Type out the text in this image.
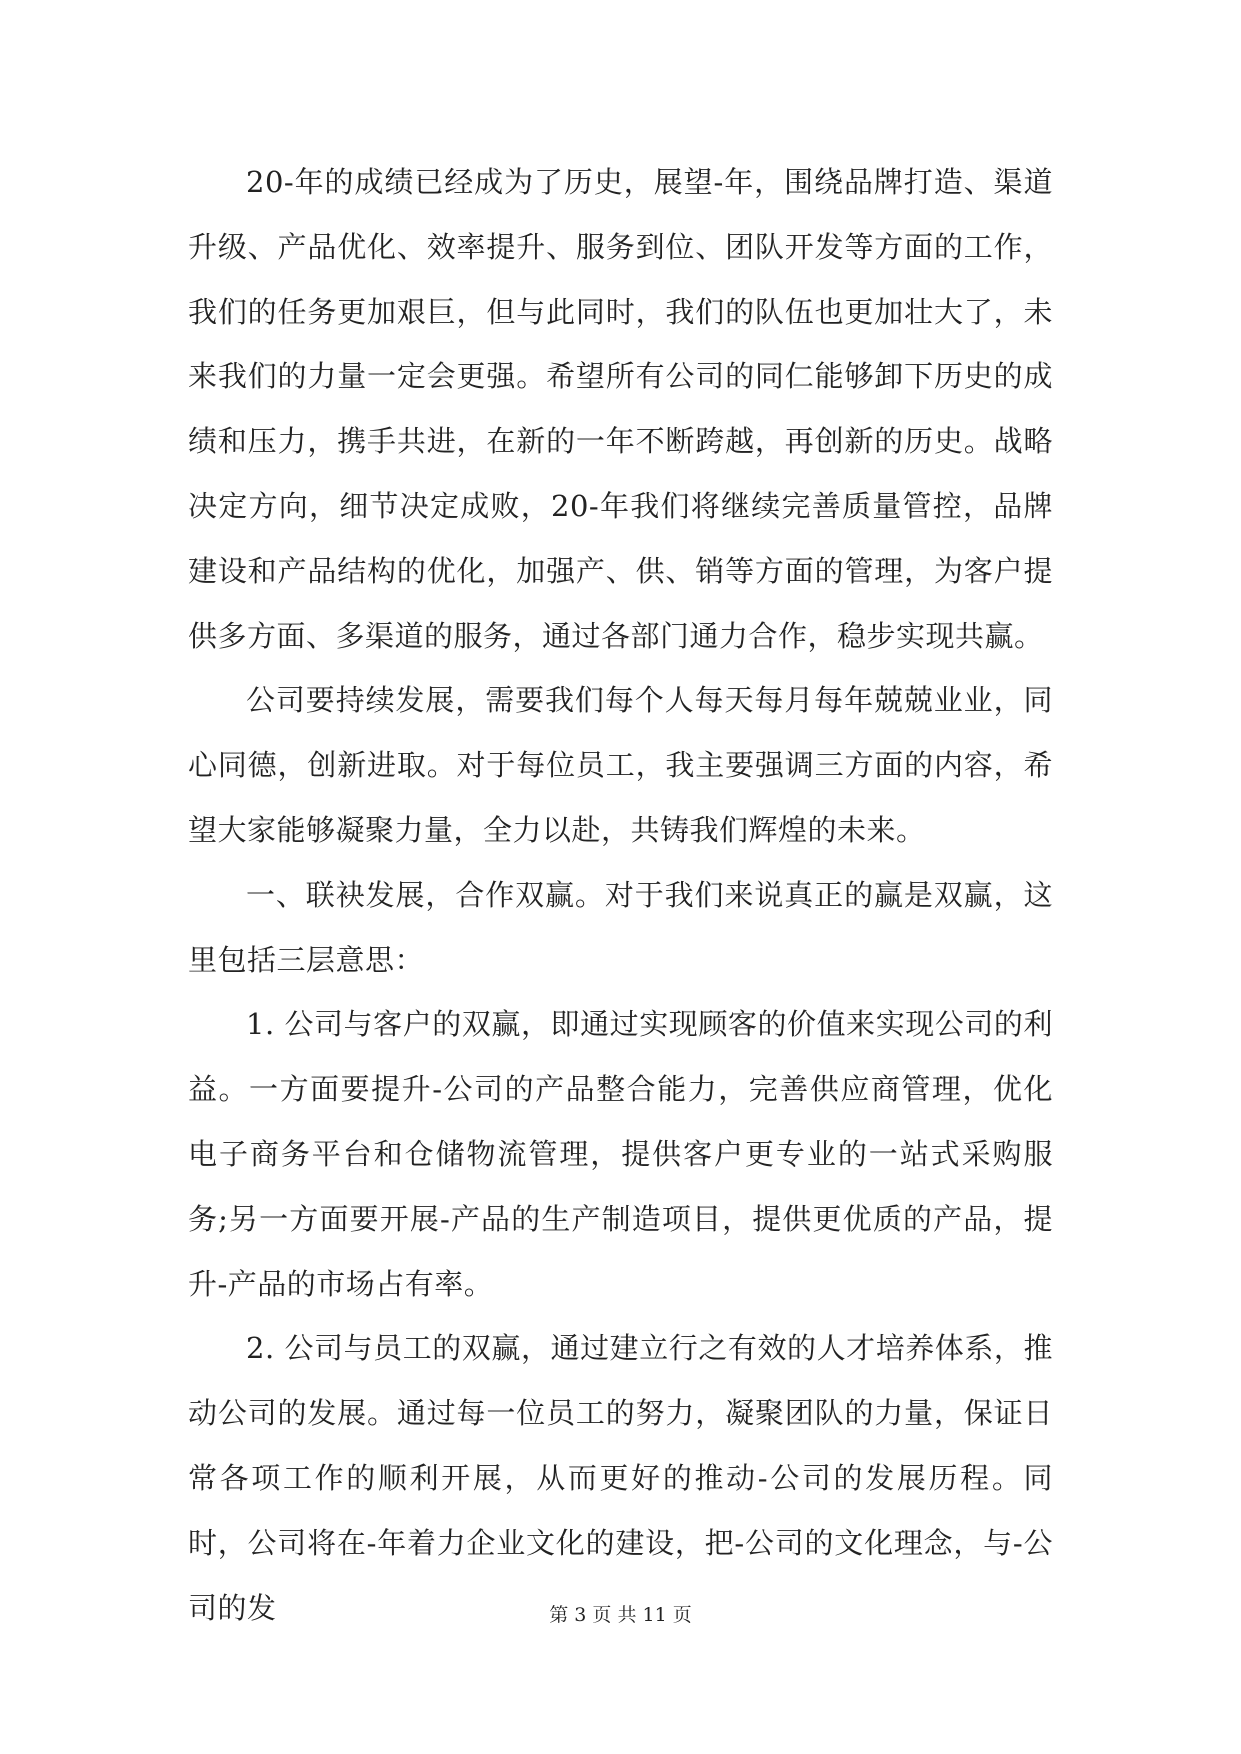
20-年的成绩已经成为了历史，展望-年，围绕品牌打造、渠道升级、产品优化、效率提升、服务到位、团队开发等方面的工作，我们的任务更加艰巨，但与此同时，我们的队伍也更加壮大了，未来我们的力量一定会更强。希望所有公司的同仁能够卸下历史的成绩和压力，携手共进，在新的一年不断跨越，再创新的历史。战略决定方向，细节决定成败，20-年我们将继续完善质量管控，品牌建设和产品结构的优化，加强产、供、销等方面的管理，为客户提供多方面、多渠道的服务，通过各部门通力合作，稳步实现共赢。

公司要持续发展，需要我们每个人每天每月每年兢兢业业，同心同德，创新进取。对于每位员工，我主要强调三方面的内容，希望大家能够凝聚力量，全力以赴，共铸我们辉煌的未来。

一、联袂发展，合作双赢。对于我们来说真正的赢是双赢，这里包括三层意思：

1. 公司与客户的双赢，即通过实现顾客的价值来实现公司的利益。一方面要提升-公司的产品整合能力，完善供应商管理，优化电子商务平台和仓储物流管理，提供客户更专业的一站式采购服务;另一方面要开展-产品的生产制造项目，提供更优质的产品，提升-产品的市场占有率。

2. 公司与员工的双赢，通过建立行之有效的人才培养体系，推动公司的发展。通过每一位员工的努力，凝聚团队的力量，保证日常各项工作的顺利开展，从而更好的推动-公司的发展历程。同时，公司将在-年着力企业文化的建设，把-公司的文化理念，与-公司的发	第 3 页 共 11 页
